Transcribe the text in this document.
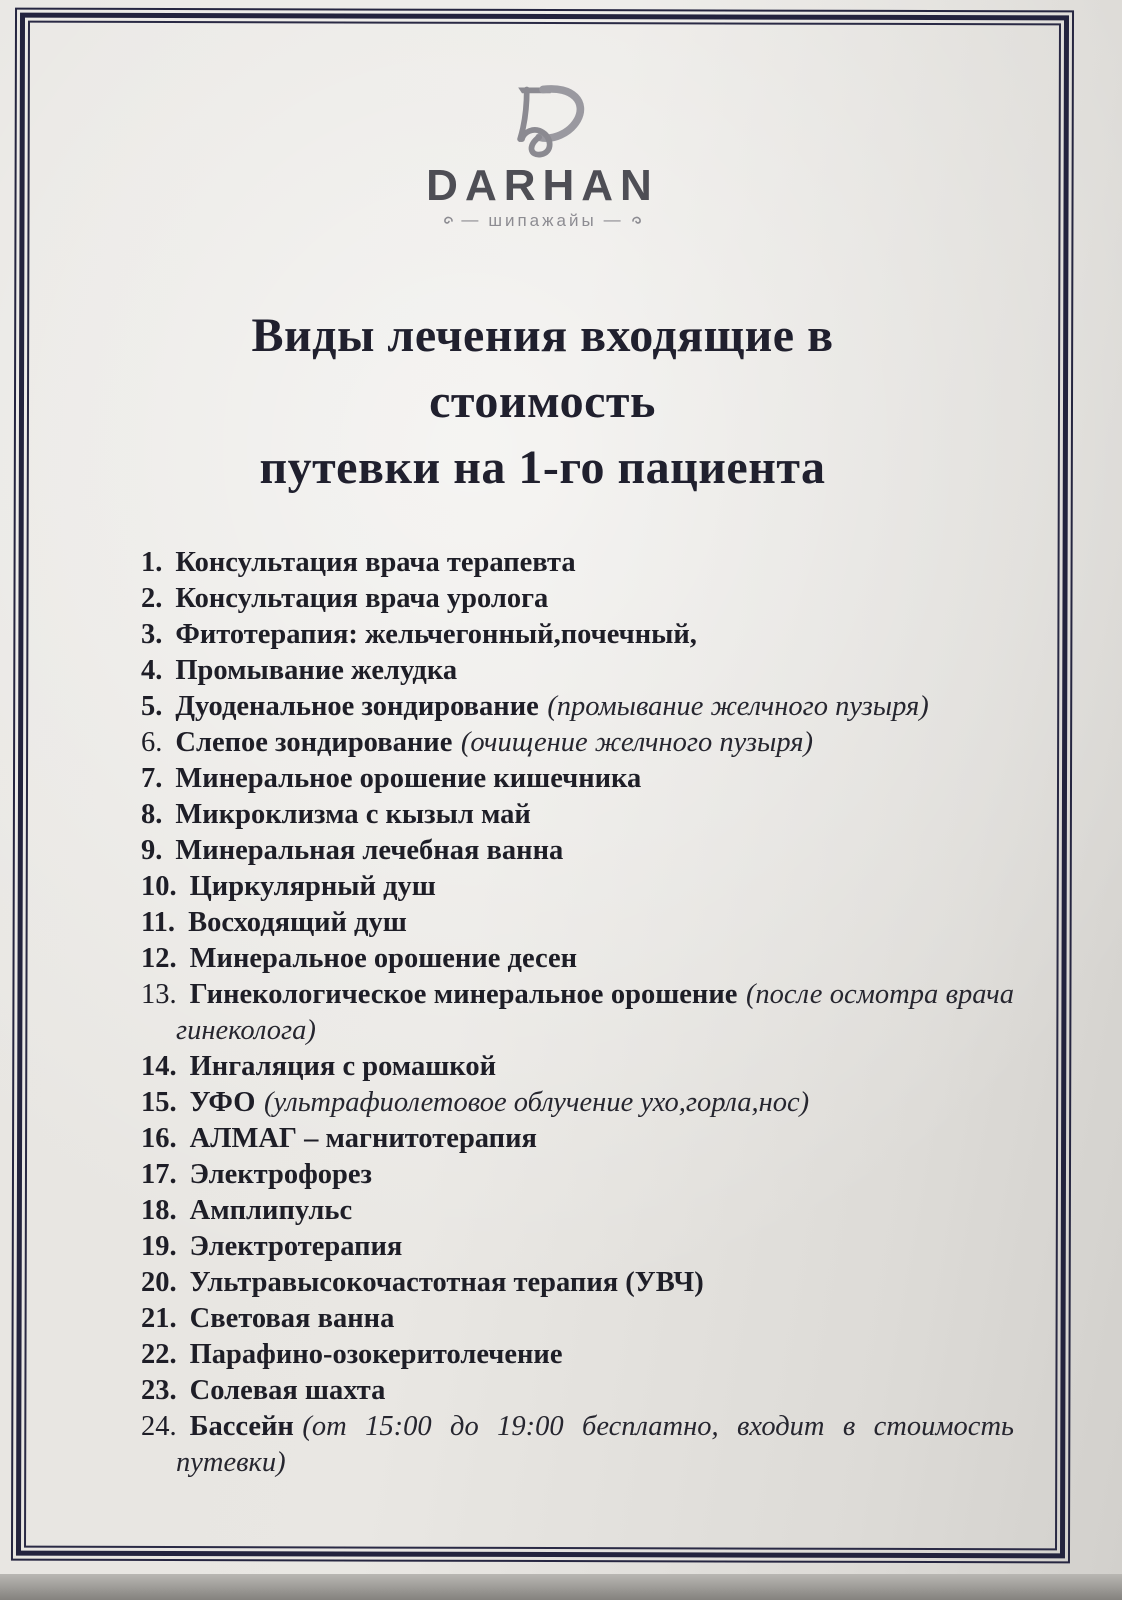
DARHAN
— шипажайы —
Виды лечения входящие в
стоимость
путевки на 1-го пациента
1. Консультация врача терапевта
2. Консультация врача уролога
3. Фитотерапия: жельчегонный,почечный,
4. Промывание желудка
5. Дуоденальное зондирование (промывание желчного пузыря)
6. Слепое зондирование (очищение желчного пузыря)
7. Минеральное орошение кишечника
8. Микроклизма с кызыл май
9. Минеральная лечебная ванна
10. Циркулярный душ
11. Восходящий душ
12. Минеральное орошение десен
13. Гинекологическое минеральное орошение (после осмотра врача гинеколога)
14. Ингаляция с ромашкой
15. УФО (ультрафиолетовое облучение ухо,горла,нос)
16. АЛМАГ – магнитотерапия
17. Электрофорез
18. Амплипульс
19. Электротерапия
20. Ультравысокочастотная терапия (УВЧ)
21. Световая ванна
22. Парафино-озокеритолечение
23. Солевая шахта
24. Бассейн (от 15:00 до 19:00 бесплатно, входит в стоимость путевки)
